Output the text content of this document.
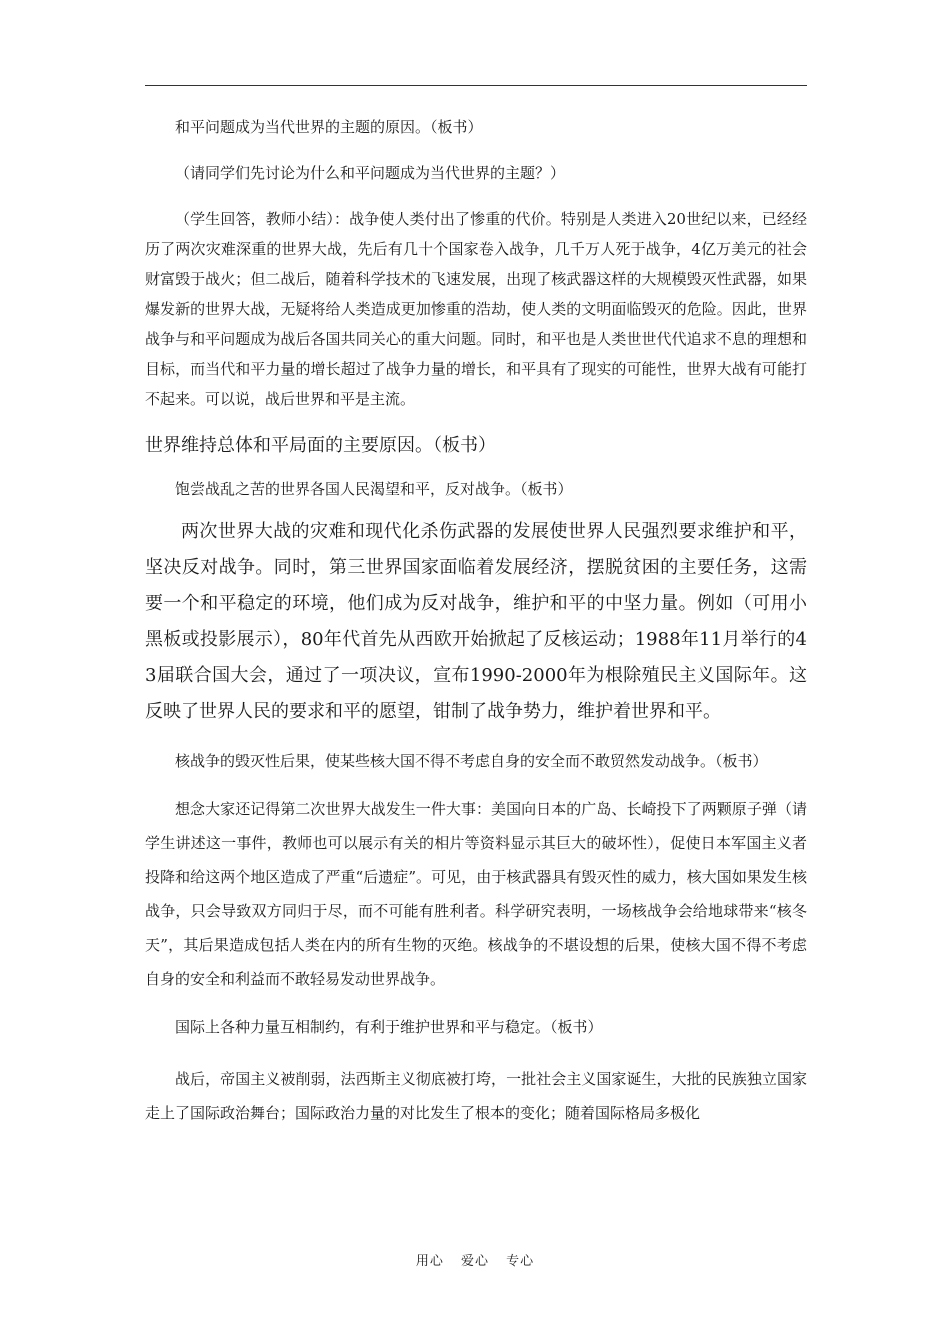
和平问题成为当代世界的主题的原因。（板书）

（请同学们先讨论为什么和平问题成为当代世界的主题？）

（学生回答，教师小结）：战争使人类付出了惨重的代价。特别是人类进入20世纪以来，已经经历了两次灾难深重的世界大战，先后有几十个国家卷入战争，几千万人死于战争，4亿万美元的社会财富毁于战火；但二战后，随着科学技术的飞速发展，出现了核武器这样的大规模毁灭性武器，如果爆发新的世界大战，无疑将给人类造成更加惨重的浩劫，使人类的文明面临毁灭的危险。因此，世界战争与和平问题成为战后各国共同关心的重大问题。同时，和平也是人类世世代代追求不息的理想和目标，而当代和平力量的增长超过了战争力量的增长，和平具有了现实的可能性，世界大战有可能打不起来。可以说，战后世界和平是主流。

世界维持总体和平局面的主要原因。（板书）

饱尝战乱之苦的世界各国人民渴望和平，反对战争。（板书）

两次世界大战的灾难和现代化杀伤武器的发展使世界人民强烈要求维护和平，坚决反对战争。同时，第三世界国家面临着发展经济，摆脱贫困的主要任务，这需要一个和平稳定的环境，他们成为反对战争，维护和平的中坚力量。例如（可用小黑板或投影展示），80年代首先从西欧开始掀起了反核运动；1988年11月举行的43届联合国大会，通过了一项决议，宣布1990-2000年为根除殖民主义国际年。这反映了世界人民的要求和平的愿望，钳制了战争势力，维护着世界和平。

核战争的毁灭性后果，使某些核大国不得不考虑自身的安全而不敢贸然发动战争。（板书）

想念大家还记得第二次世界大战发生一件大事：美国向日本的广岛、长崎投下了两颗原子弹（请学生讲述这一事件，教师也可以展示有关的相片等资料显示其巨大的破坏性），促使日本军国主义者投降和给这两个地区造成了严重“后遗症”。可见，由于核武器具有毁灭性的威力，核大国如果发生核战争，只会导致双方同归于尽，而不可能有胜利者。科学研究表明，一场核战争会给地球带来“核冬天”，其后果造成包括人类在内的所有生物的灭绝。核战争的不堪设想的后果，使核大国不得不考虑自身的安全和利益而不敢轻易发动世界战争。

国际上各种力量互相制约，有利于维护世界和平与稳定。（板书）

战后，帝国主义被削弱，法西斯主义彻底被打垮，一批社会主义国家诞生，大批的民族独立国家走上了国际政治舞台；国际政治力量的对比发生了根本的变化；随着国际格局多极化

用心 爱心 专心
